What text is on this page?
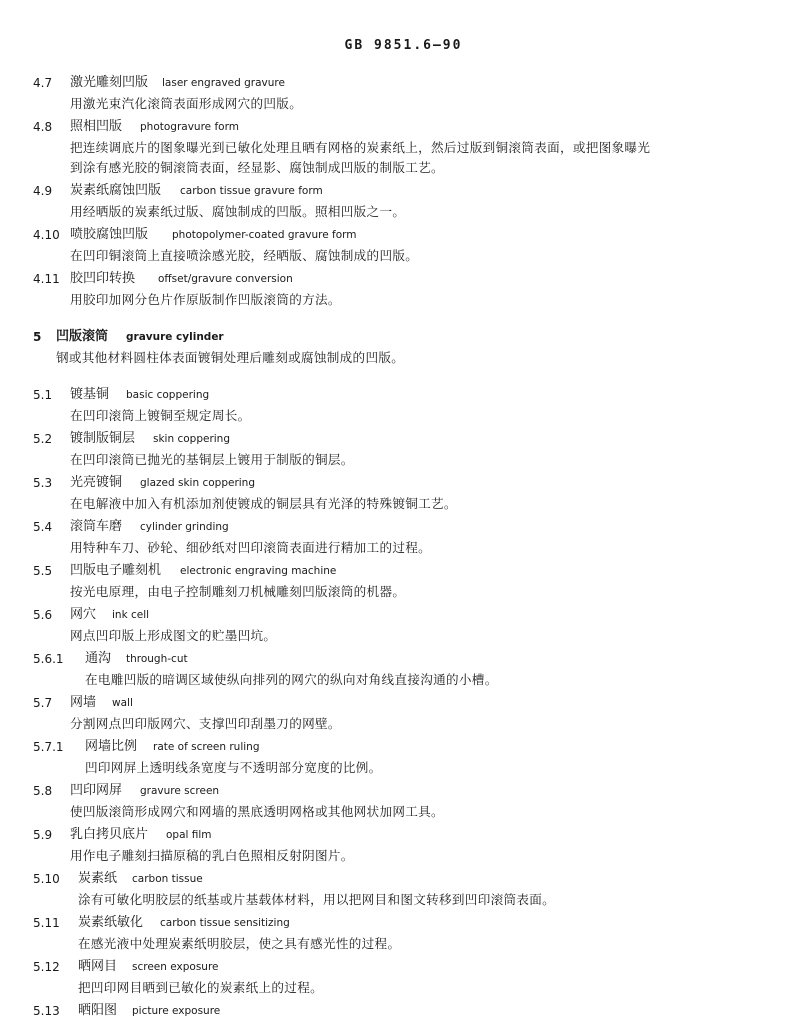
GB 9851.6—90
4.7 激光雕刻凹版 laser engraved gravure
用激光束汽化滚筒表面形成网穴的凹版。
4.8 照相凹版 photogravure form
把连续调底片的图象曝光到已敏化处理且晒有网格的炭素纸上，然后过版到铜滚筒表面，或把图象曝光到涂有感光胶的铜滚筒表面，经显影、腐蚀制成凹版的制版工艺。
4.9 炭素纸腐蚀凹版 carbon tissue gravure form
用经晒版的炭素纸过版、腐蚀制成的凹版。照相凹版之一。
4.10 喷胶腐蚀凹版 photopolymer-coated gravure form
在凹印铜滚筒上直接喷涂感光胶，经晒版、腐蚀制成的凹版。
4.11 胶凹印转换 offset/gravure conversion
用胶印加网分色片作原版制作凹版滚筒的方法。
5 凹版滚筒 gravure cylinder
钢或其他材料圆柱体表面镀铜处理后雕刻或腐蚀制成的凹版。
5.1 镀基铜 basic coppering
在凹印滚筒上镀铜至规定周长。
5.2 镀制版铜层 skin coppering
在凹印滚筒已抛光的基铜层上镀用于制版的铜层。
5.3 光亮镀铜 glazed skin coppering
在电解液中加入有机添加剂使镀成的铜层具有光泽的特殊镀铜工艺。
5.4 滚筒车磨 cylinder grinding
用特种车刀、砂轮、细砂纸对凹印滚筒表面进行精加工的过程。
5.5 凹版电子雕刻机 electronic engraving machine
按光电原理，由电子控制雕刻刀机械雕刻凹版滚筒的机器。
5.6 网穴 ink cell
网点凹印版上形成图文的贮墨凹坑。
5.6.1 通沟 through-cut
在电雕凹版的暗调区域使纵向排列的网穴的纵向对角线直接沟通的小槽。
5.7 网墙 wall
分割网点凹印版网穴、支撑凹印刮墨刀的网壁。
5.7.1 网墙比例 rate of screen ruling
凹印网屏上透明线条宽度与不透明部分宽度的比例。
5.8 凹印网屏 gravure screen
使凹版滚筒形成网穴和网墙的黑底透明网格或其他网状加网工具。
5.9 乳白拷贝底片 opal film
用作电子雕刻扫描原稿的乳白色照相反射阴图片。
5.10 炭素纸 carbon tissue
涂有可敏化明胶层的纸基或片基载体材料，用以把网目和图文转移到凹印滚筒表面。
5.11 炭素纸敏化 carbon tissue sensitizing
在感光液中处理炭素纸明胶层，使之具有感光性的过程。
5.12 晒网目 screen exposure
把凹印网目晒到已敏化的炭素纸上的过程。
5.13 晒阳图 picture exposure
